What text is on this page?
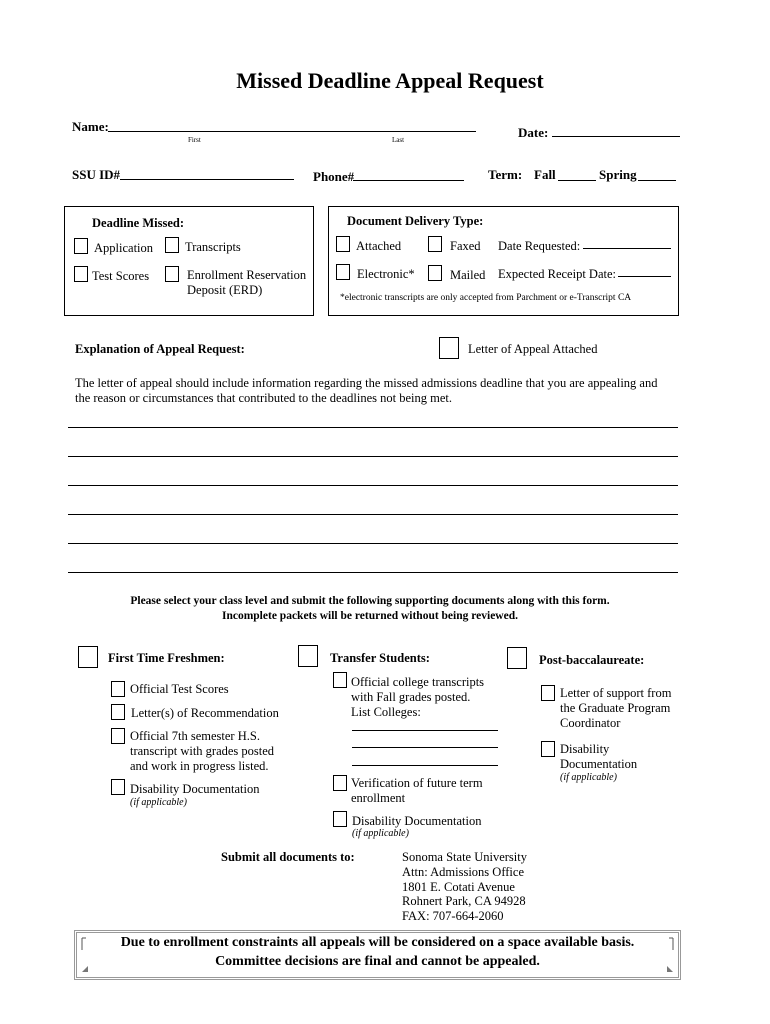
Missed Deadline Appeal Request
Name:
First	Last	Date:
SSU ID#	Phone#	Term: Fall	Spring
Deadline Missed:
Application	Transcripts
Test Scores	Enrollment Reservation
Deposit (ERD)
Document Delivery Type:
Attached	Faxed Date Requested:
Electronic*	Mailed Expected Receipt Date:
*electronic transcripts are only accepted from Parchment or e-Transcript CA
Explanation of Appeal Request:	Letter of Appeal Attached
The letter of appeal should include information regarding the missed admissions deadline that you are appealing and the reason or circumstances that contributed to the deadlines not being met.
Please select your class level and submit the following supporting documents along with this form.
Incomplete packets will be returned without being reviewed.
First Time Freshmen:
Official Test Scores
Letter(s) of Recommendation
Official 7th semester H.S.
transcript with grades posted
and work in progress listed.
Disability Documentation
(if applicable)
Transfer Students:
Official college transcripts
with Fall grades posted.
List Colleges:
Verification of future term
enrollment
Disability Documentation
(if applicable)
Post-baccalaureate:
Letter of support from
the Graduate Program
Coordinator
Disability
Documentation
(if applicable)
Submit all documents to:	Sonoma State University
Attn: Admissions Office
1801 E. Cotati Avenue
Rohnert Park, CA 94928
FAX: 707-664-2060
Due to enrollment constraints all appeals will be considered on a space available basis.
Committee decisions are final and cannot be appealed.
